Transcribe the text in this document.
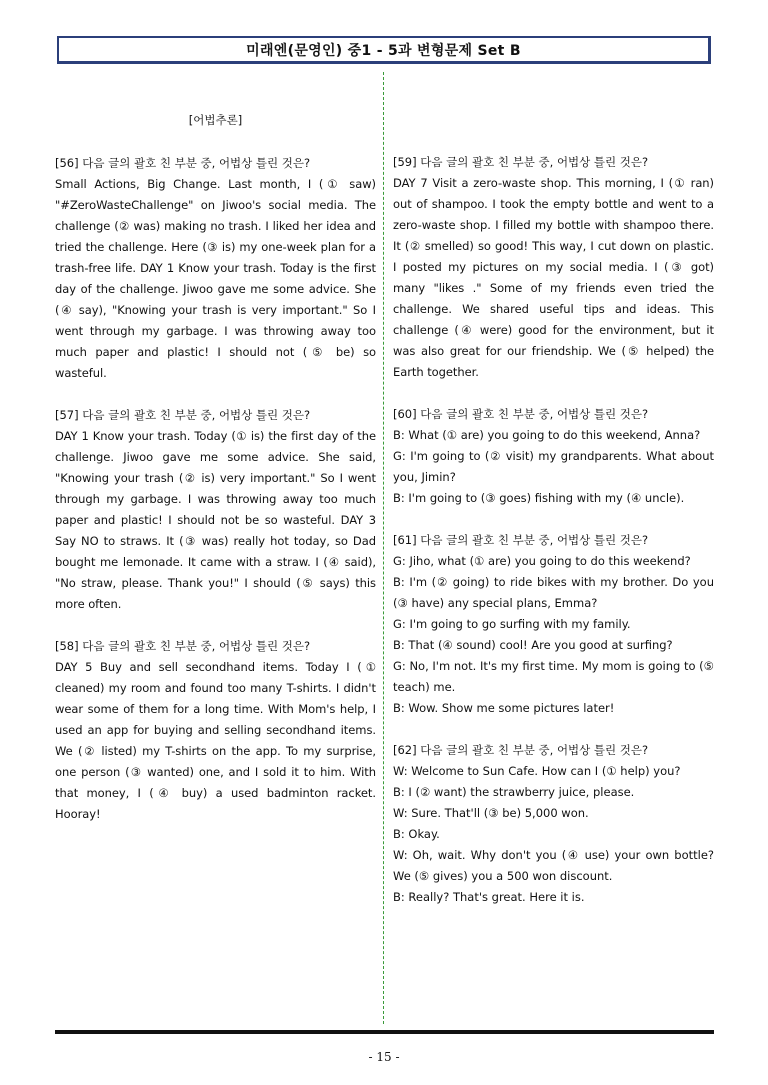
미래엔(문영인) 중1 - 5과 변형문제 Set B
[어법추론]
[56] 다음 글의 괄호 친 부분 중, 어법상 틀린 것은?
Small Actions, Big Change. Last month, I (① saw) "#ZeroWasteChallenge" on Jiwoo's social media. The challenge (② was) making no trash. I liked her idea and tried the challenge. Here (③ is) my one-week plan for a trash-free life. DAY 1 Know your trash. Today is the first day of the challenge. Jiwoo gave me some advice. She (④ say), "Knowing your trash is very important." So I went through my garbage. I was throwing away too much paper and plastic! I should not (⑤ be) so wasteful.
[57] 다음 글의 괄호 친 부분 중, 어법상 틀린 것은?
DAY 1 Know your trash. Today (① is) the first day of the challenge. Jiwoo gave me some advice. She said, "Knowing your trash (② is) very important." So I went through my garbage. I was throwing away too much paper and plastic! I should not be so wasteful. DAY 3 Say NO to straws. It (③ was) really hot today, so Dad bought me lemonade. It came with a straw. I (④ said), "No straw, please. Thank you!" I should (⑤ says) this more often.
[58] 다음 글의 괄호 친 부분 중, 어법상 틀린 것은?
DAY 5 Buy and sell secondhand items. Today I (① cleaned) my room and found too many T-shirts. I didn't wear some of them for a long time. With Mom's help, I used an app for buying and selling secondhand items. We (② listed) my T-shirts on the app. To my surprise, one person (③ wanted) one, and I sold it to him. With that money, I (④ buy) a used badminton racket. Hooray!
[59] 다음 글의 괄호 친 부분 중, 어법상 틀린 것은?
DAY 7 Visit a zero-waste shop. This morning, I (① ran) out of shampoo. I took the empty bottle and went to a zero-waste shop. I filled my bottle with shampoo there. It (② smelled) so good! This way, I cut down on plastic. I posted my pictures on my social media. I (③ got) many "likes ." Some of my friends even tried the challenge. We shared useful tips and ideas. This challenge (④ were) good for the environment, but it was also great for our friendship. We (⑤ helped) the Earth together.
[60] 다음 글의 괄호 친 부분 중, 어법상 틀린 것은?
B: What (① are) you going to do this weekend, Anna?
G: I'm going to (② visit) my grandparents. What about you, Jimin?
B: I'm going to (③ goes) fishing with my (④ uncle).
[61] 다음 글의 괄호 친 부분 중, 어법상 틀린 것은?
G: Jiho, what (① are) you going to do this weekend?
B: I'm (② going) to ride bikes with my brother. Do you (③ have) any special plans, Emma?
G: I'm going to go surfing with my family.
B: That (④ sound) cool! Are you good at surfing?
G: No, I'm not. It's my first time. My mom is going to (⑤ teach) me.
B: Wow. Show me some pictures later!
[62] 다음 글의 괄호 친 부분 중, 어법상 틀린 것은?
W: Welcome to Sun Cafe. How can I (① help) you?
B: I (② want) the strawberry juice, please.
W: Sure. That'll (③ be) 5,000 won.
B: Okay.
W: Oh, wait. Why don't you (④ use) your own bottle? We (⑤ gives) you a 500 won discount.
B: Really? That's great. Here it is.
- 15 -
